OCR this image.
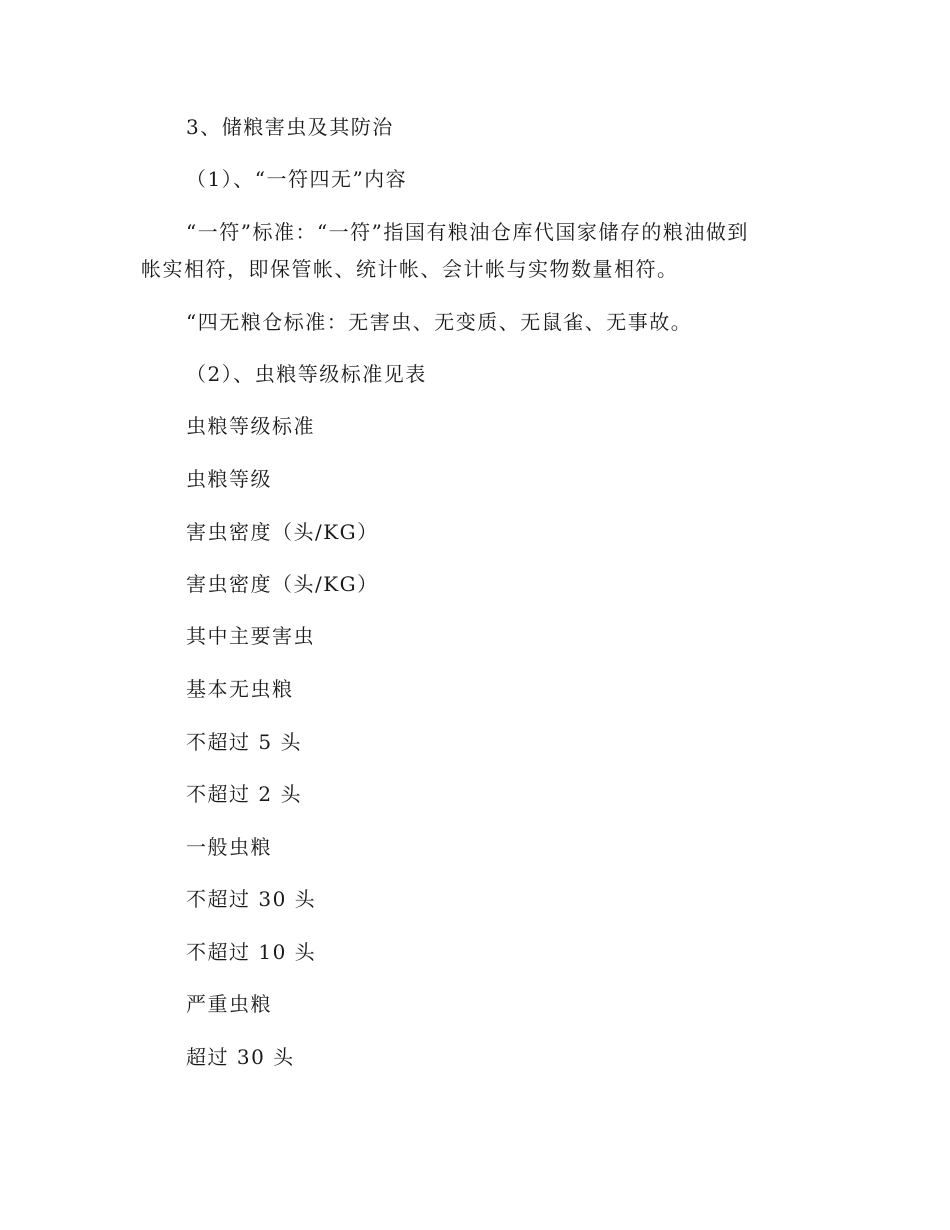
3、储粮害虫及其防治
（1）、“一符四无”内容
“一符”标准：“一符”指国有粮油仓库代国家储存的粮油做到
帐实相符，即保管帐、统计帐、会计帐与实物数量相符。
“四无粮仓标准：无害虫、无变质、无鼠雀、无事故。
（2）、虫粮等级标准见表
虫粮等级标准
虫粮等级
害虫密度（头/KG）
害虫密度（头/KG）
其中主要害虫
基本无虫粮
不超过 5 头
不超过 2 头
一般虫粮
不超过 30 头
不超过 10 头
严重虫粮
超过 30 头
